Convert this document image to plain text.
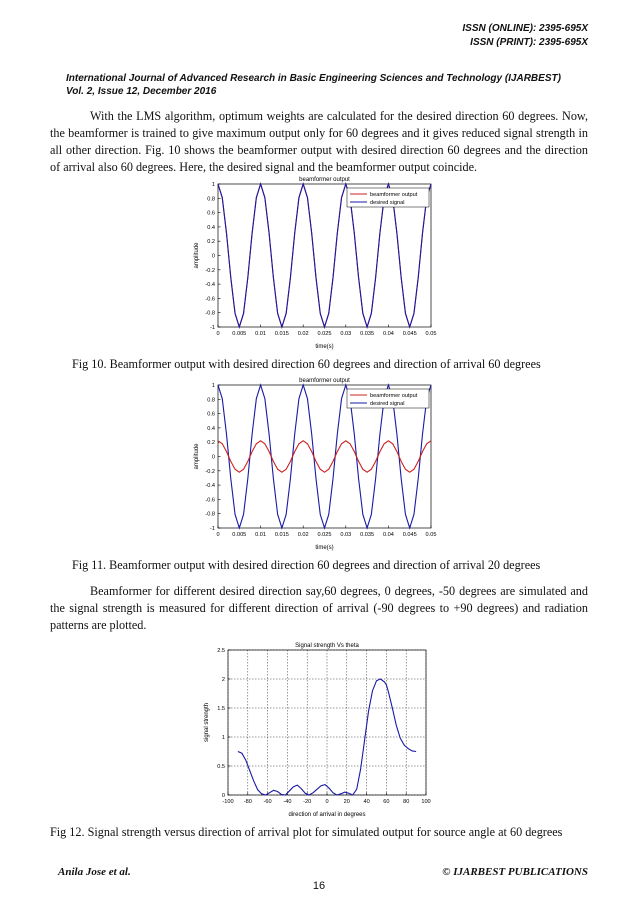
ISSN (ONLINE): 2395-695X
ISSN (PRINT): 2395-695X
International Journal of Advanced Research in Basic Engineering Sciences and Technology (IJARBEST)
Vol. 2, Issue 12, December 2016

With the LMS algorithm, optimum weights are calculated for the desired direction 60 degrees. Now, the beamformer is trained to give maximum output only for 60 degrees and it gives reduced signal strength in all other direction. Fig. 10 shows the beamformer output with desired direction 60 degrees and the direction of arrival also 60 degrees. Here, the desired signal and the beamformer output coincide.

beamformer output
time(s)
amplitude
0 0.005 0.01 0.015 0.02 0.025 0.03 0.035 0.04 0.045 0.05
-1
-0.8
-0.6
-0.4
-0.2
0
0.2
0.4
0.6
0.8
1
beamformer output
desired signal
Fig 10. Beamformer output with desired direction 60 degrees and direction of arrival 60 degrees
beamformer output
time(s)
amplitude
0 0.005 0.01 0.015 0.02 0.025 0.03 0.035 0.04 0.045 0.05
-1
-0.8
-0.6
-0.4
-0.2
0
0.2
0.4
0.6
0.8
1
beamformer output
desired signal
Fig 11. Beamformer output with desired direction 60 degrees and direction of arrival 20 degrees

Beamformer for different desired direction say,60 degrees, 0 degrees, -50 degrees are simulated and the signal strength is measured for different direction of arrival (-90 degrees to +90 degrees) and radiation patterns are plotted.

Signal strength Vs theta
direction of arrival in degrees
signal strength
-100 -80 -60 -40 -20	0	20 40 60 80 100
0
0.5
1
1.5
2
2.5
Fig 12. Signal strength versus direction of arrival plot for simulated output for source angle at 60 degrees
Anila Jose et al.
16
© IJARBEST PUBLICATIONS
